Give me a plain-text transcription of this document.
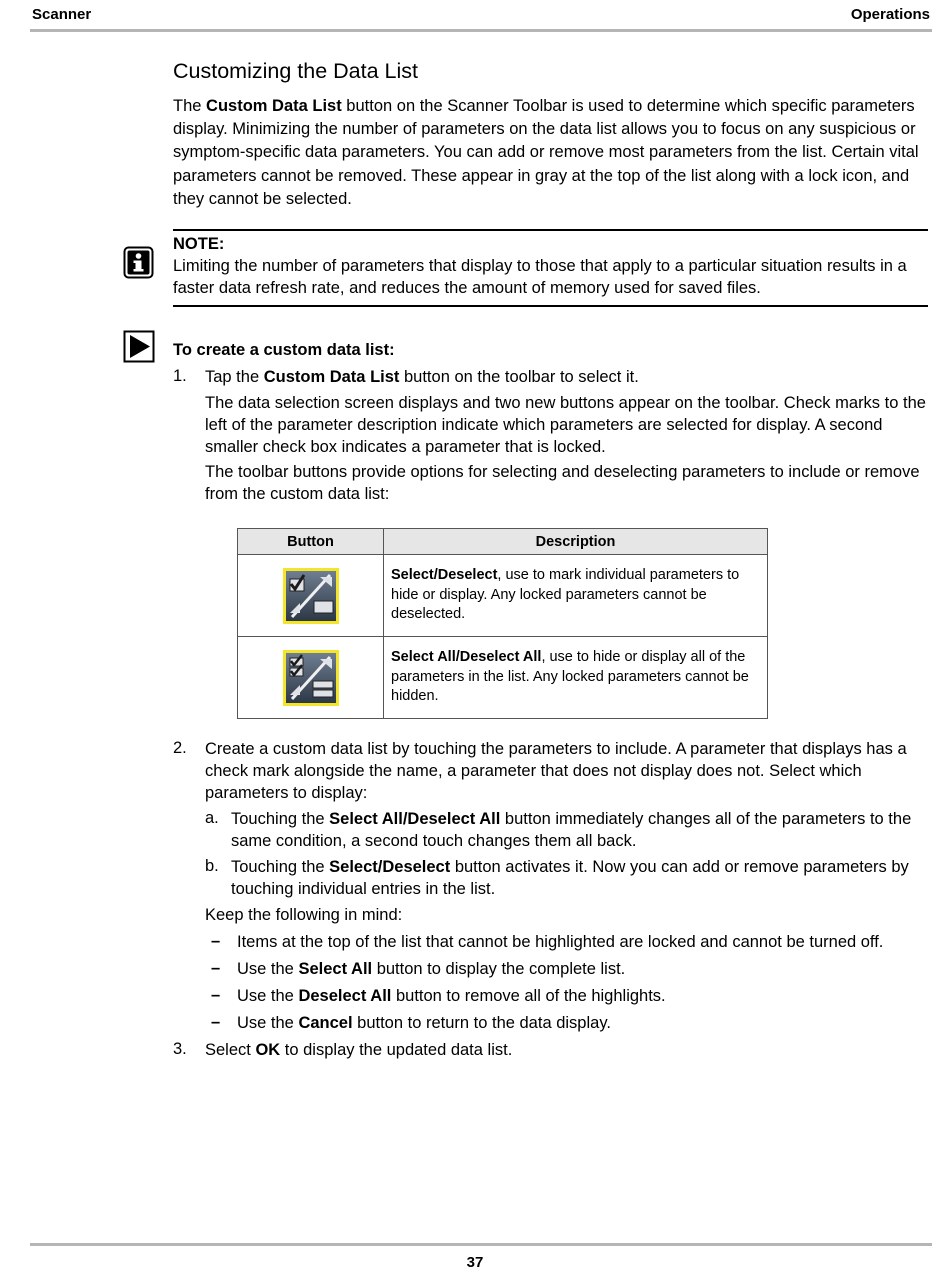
Scanner	Operations
Customizing the Data List

The Custom Data List button on the Scanner Toolbar is used to determine which specific parameters display. Minimizing the number of parameters on the data list allows you to focus on any suspicious or symptom-specific data parameters. You can add or remove most parameters from the list. Certain vital parameters cannot be removed. These appear in gray at the top of the list along with a lock icon, and they cannot be selected.

NOTE:
Limiting the number of parameters that display to those that apply to a particular situation results in a faster data refresh rate, and reduces the amount of memory used for saved files.
To create a custom data list:
1. Tap the Custom Data List button on the toolbar to select it.
The data selection screen displays and two new buttons appear on the toolbar. Check marks to the left of the parameter description indicate which parameters are selected for display. A second smaller check box indicates a parameter that is locked.
The toolbar buttons provide options for selecting and deselecting parameters to include or remove from the custom data list:
Button	Description
	Select/Deselect, use to mark individual parameters to hide or display. Any locked parameters cannot be deselected.
	Select All/Deselect All, use to hide or display all of the parameters in the list. Any locked parameters cannot be hidden.
2. Create a custom data list by touching the parameters to include. A parameter that displays has a check mark alongside the name, a parameter that does not display does not. Select which parameters to display:
a. Touching the Select All/Deselect All button immediately changes all of the parameters to the same condition, a second touch changes them all back.
b. Touching the Select/Deselect button activates it. Now you can add or remove parameters by touching individual entries in the list.
Keep the following in mind:
– Items at the top of the list that cannot be highlighted are locked and cannot be turned off.
– Use the Select All button to display the complete list.
– Use the Deselect All button to remove all of the highlights.
– Use the Cancel button to return to the data display.
3. Select OK to display the updated data list.
37
